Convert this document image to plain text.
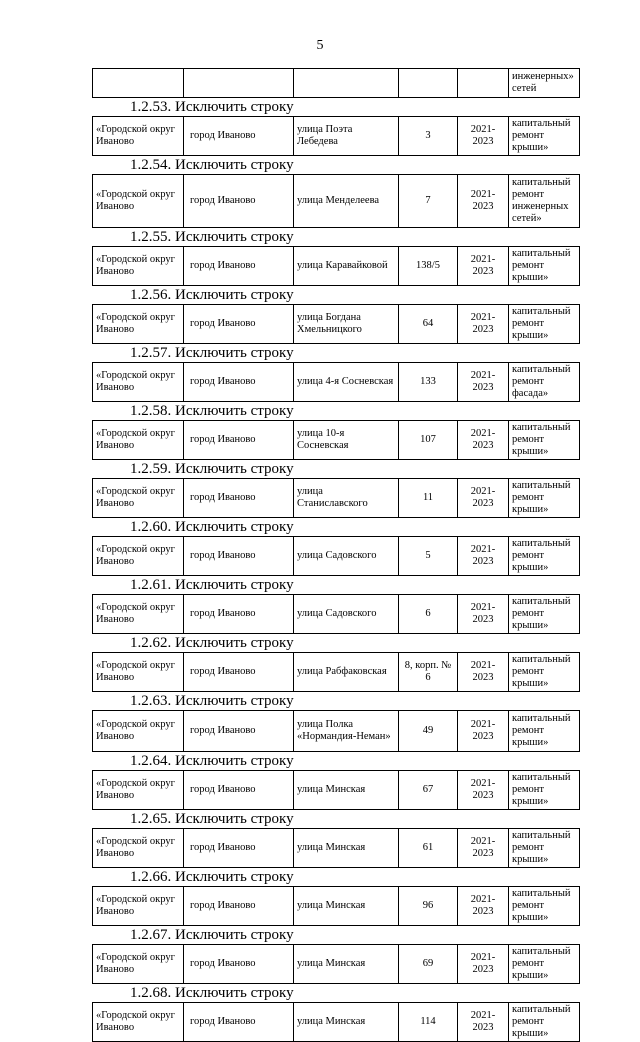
5
					инженерных» сетей
1.2.53. Исключить строку
«Городской округ Иваново	город Иваново	улица Поэта Лебедева	3	2021-2023	капитальный ремонт крыши»
1.2.54. Исключить строку
«Городской округ Иваново	город Иваново	улица Менделеева	7	2021-2023	капитальный ремонт инженерных сетей»
1.2.55. Исключить строку
«Городской округ Иваново	город Иваново	улица Каравайковой	138/5	2021-2023	капитальный ремонт крыши»
1.2.56. Исключить строку
«Городской округ Иваново	город Иваново	улица Богдана Хмельницкого	64	2021-2023	капитальный ремонт крыши»
1.2.57. Исключить строку
«Городской округ Иваново	город Иваново	улица 4-я Сосневская	133	2021-2023	капитальный ремонт фасада»
1.2.58. Исключить строку
«Городской округ Иваново	город Иваново	улица 10-я Сосневская	107	2021-2023	капитальный ремонт крыши»
1.2.59. Исключить строку
«Городской округ Иваново	город Иваново	улица Станиславского	11	2021-2023	капитальный ремонт крыши»
1.2.60. Исключить строку
«Городской округ Иваново	город Иваново	улица Садовского	5	2021-2023	капитальный ремонт крыши»
1.2.61. Исключить строку
«Городской округ Иваново	город Иваново	улица Садовского	6	2021-2023	капитальный ремонт крыши»
1.2.62. Исключить строку
«Городской округ Иваново	город Иваново	улица Рабфаковская	8, корп. № 6	2021-2023	капитальный ремонт крыши»
1.2.63. Исключить строку
«Городской округ Иваново	город Иваново	улица Полка «Нормандия-Неман»	49	2021-2023	капитальный ремонт крыши»
1.2.64. Исключить строку
«Городской округ Иваново	город Иваново	улица Минская	67	2021-2023	капитальный ремонт крыши»
1.2.65. Исключить строку
«Городской округ Иваново	город Иваново	улица Минская	61	2021-2023	капитальный ремонт крыши»
1.2.66. Исключить строку
«Городской округ Иваново	город Иваново	улица Минская	96	2021-2023	капитальный ремонт крыши»
1.2.67. Исключить строку
«Городской округ Иваново	город Иваново	улица Минская	69	2021-2023	капитальный ремонт крыши»
1.2.68. Исключить строку
«Городской округ Иваново	город Иваново	улица Минская	114	2021-2023	капитальный ремонт крыши»
